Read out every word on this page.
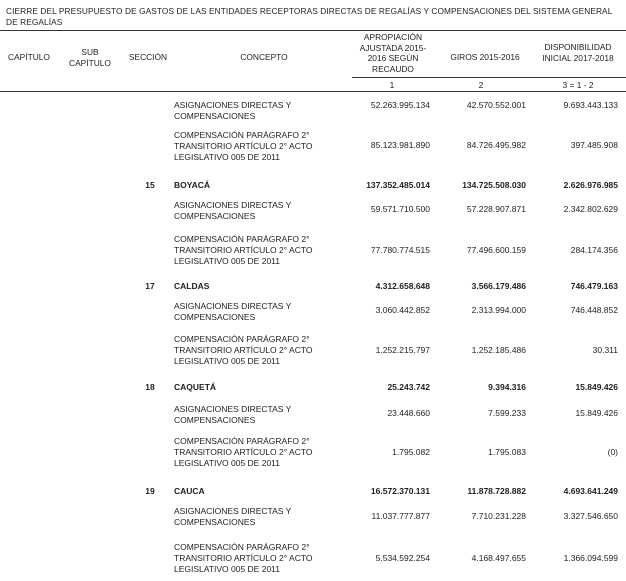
CIERRE DEL PRESUPUESTO DE GASTOS DE LAS ENTIDADES RECEPTORAS DIRECTAS DE REGALÍAS Y COMPENSACIONES DEL SISTEMA GENERAL DE REGALÍAS
CAPÍTULO	SUB CAPÍTULO
SECCIÓN	CONCEPTO
APROPIACIÓN AJUSTADA 2015-2016 SEGÚN RECAUDO
GIROS 2015-2016
DISPONIBILIDAD INICIAL 2017-2018
1	2	3 = 1 - 2
ASIGNACIONES DIRECTAS Y COMPENSACIONES
52.263.995.134	42.570.552.001	9.693.443.133
COMPENSACIÓN PARÁGRAFO 2° TRANSITORIO ARTÍCULO 2° ACTO LEGISLATIVO 005 DE 2011
85.123.981.890	84.726.495.982	397.485.908
15	BOYACÁ	137.352.485.014	134.725.508.030	2.626.976.985
ASIGNACIONES DIRECTAS Y COMPENSACIONES
59.571.710.500	57.228.907.871	2.342.802.629
COMPENSACIÓN PARÁGRAFO 2° TRANSITORIO ARTÍCULO 2° ACTO LEGISLATIVO 005 DE 2011
77.780.774.515	77.496.600.159	284.174.356
17	CALDAS	4.312.658.648	3.566.179.486	746.479.163
ASIGNACIONES DIRECTAS Y COMPENSACIONES
3.060.442.852	2.313.994.000	746.448.852
COMPENSACIÓN PARÁGRAFO 2° TRANSITORIO ARTÍCULO 2° ACTO LEGISLATIVO 005 DE 2011
1.252.215.797	1.252.185.486	30.311
18	CAQUETÁ	25.243.742	9.394.316	15.849.426
ASIGNACIONES DIRECTAS Y COMPENSACIONES
23.448.660	7.599.233	15.849.426
COMPENSACIÓN PARÁGRAFO 2° TRANSITORIO ARTÍCULO 2° ACTO LEGISLATIVO 005 DE 2011
1.795.082	1.795.083	(0)
19	CAUCA	16.572.370.131	11.878.728.882	4.693.641.249
ASIGNACIONES DIRECTAS Y COMPENSACIONES
11.037.777.877	7.710.231.228	3.327.546.650
COMPENSACIÓN PARÁGRAFO 2° TRANSITORIO ARTÍCULO 2° ACTO LEGISLATIVO 005 DE 2011
5.534.592.254	4.168.497.655	1.366.094.599
